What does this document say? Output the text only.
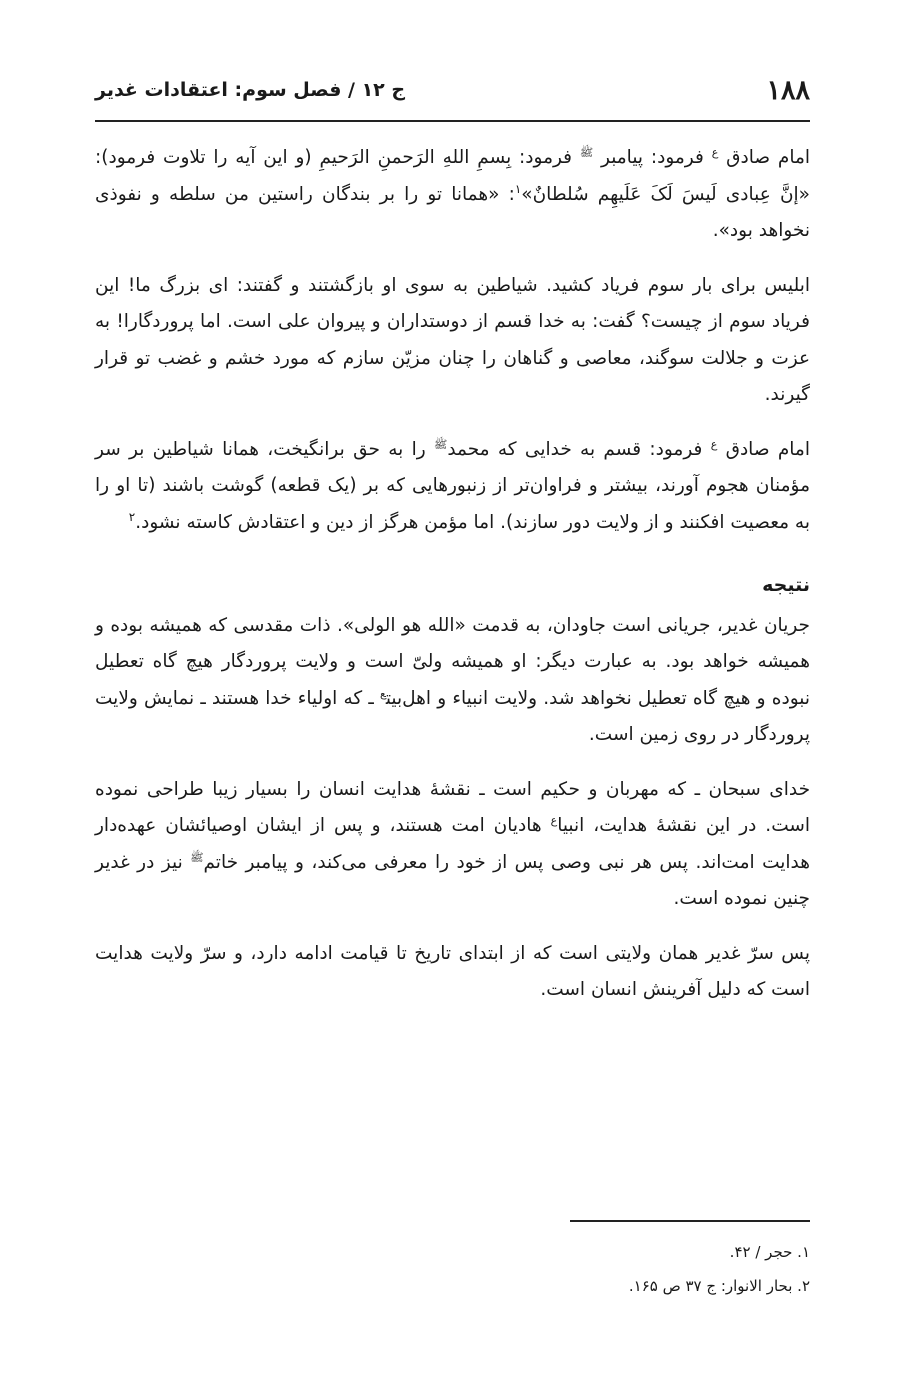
۱۸۸
ج ۱۲ / فصل سوم: اعتقادات غدیر

امام صادق $^ع$ فرمود: پیامبر $^ﷺ$ فرمود: بِسمِ اللهِ الرَحمنِ الرَحیمِ (و این آیه را تلاوت فرمود): «إنَّ عِبادی لَیسَ لَکَ عَلَیهِم سُلطانٌ»$^۱$: «همانا تو را بر بندگان راستین من سلطه و نفوذی نخواهد بود».

ابلیس برای بار سوم فریاد کشید. شیاطین به سوی او بازگشتند و گفتند: ای بزرگ ما! این فریاد سوم از چیست؟ گفت: به خدا قسم از دوستداران و پیروان علی است. اما پروردگارا! به عزت و جلالت سوگند، معاصی و گناهان را چنان مزیّن سازم که مورد خشم و غضب تو قرار گیرند.

امام صادق $^ع$ فرمود: قسم به خدایی که محمد$^ﷺ$ را به حق برانگیخت، همانا شیاطین بر سر مؤمنان هجوم آورند، بیشتر و فراوان‌تر از زنبورهایی که بر (یک قطعه) گوشت باشند (تا او را به معصیت افکنند و از ولایت دور سازند). اما مؤمن هرگز از دین و اعتقادش کاسته نشود.$^۲$

نتیجه

جریان غدیر، جریانی است جاودان، به قدمت «الله هو الولی». ذات مقدسی که همیشه بوده و همیشه خواهد بود. به عبارت دیگر: او همیشه ولیّ است و ولایت پروردگار هیچ گاه تعطیل نبوده و هیچ گاه تعطیل نخواهد شد. ولایت انبیاء و اهل‌بیت$^ع$ ـ که اولیاء خدا هستند ـ نمایش ولایت پروردگار در روی زمین است.

خدای سبحان ـ که مهربان و حکیم است ـ نقشهٔ هدایت انسان را بسیار زیبا طراحی نموده است. در این نقشهٔ هدایت، انبیا$^ع$ هادیان امت هستند، و پس از ایشان اوصیائشان عهده‌دار هدایت امت‌اند. پس هر نبی وصی پس از خود را معرفی می‌کند، و پیامبر خاتم$^ﷺ$ نیز در غدیر چنین نموده است.

پس سرّ غدیر همان ولایتی است که از ابتدای تاریخ تا قیامت ادامه دارد، و سرّ ولایت هدایت است که دلیل آفرینش انسان است.

۱. حجر / ۴۲.
۲. بحار الانوار: ج ۳۷ ص ۱۶۵.
